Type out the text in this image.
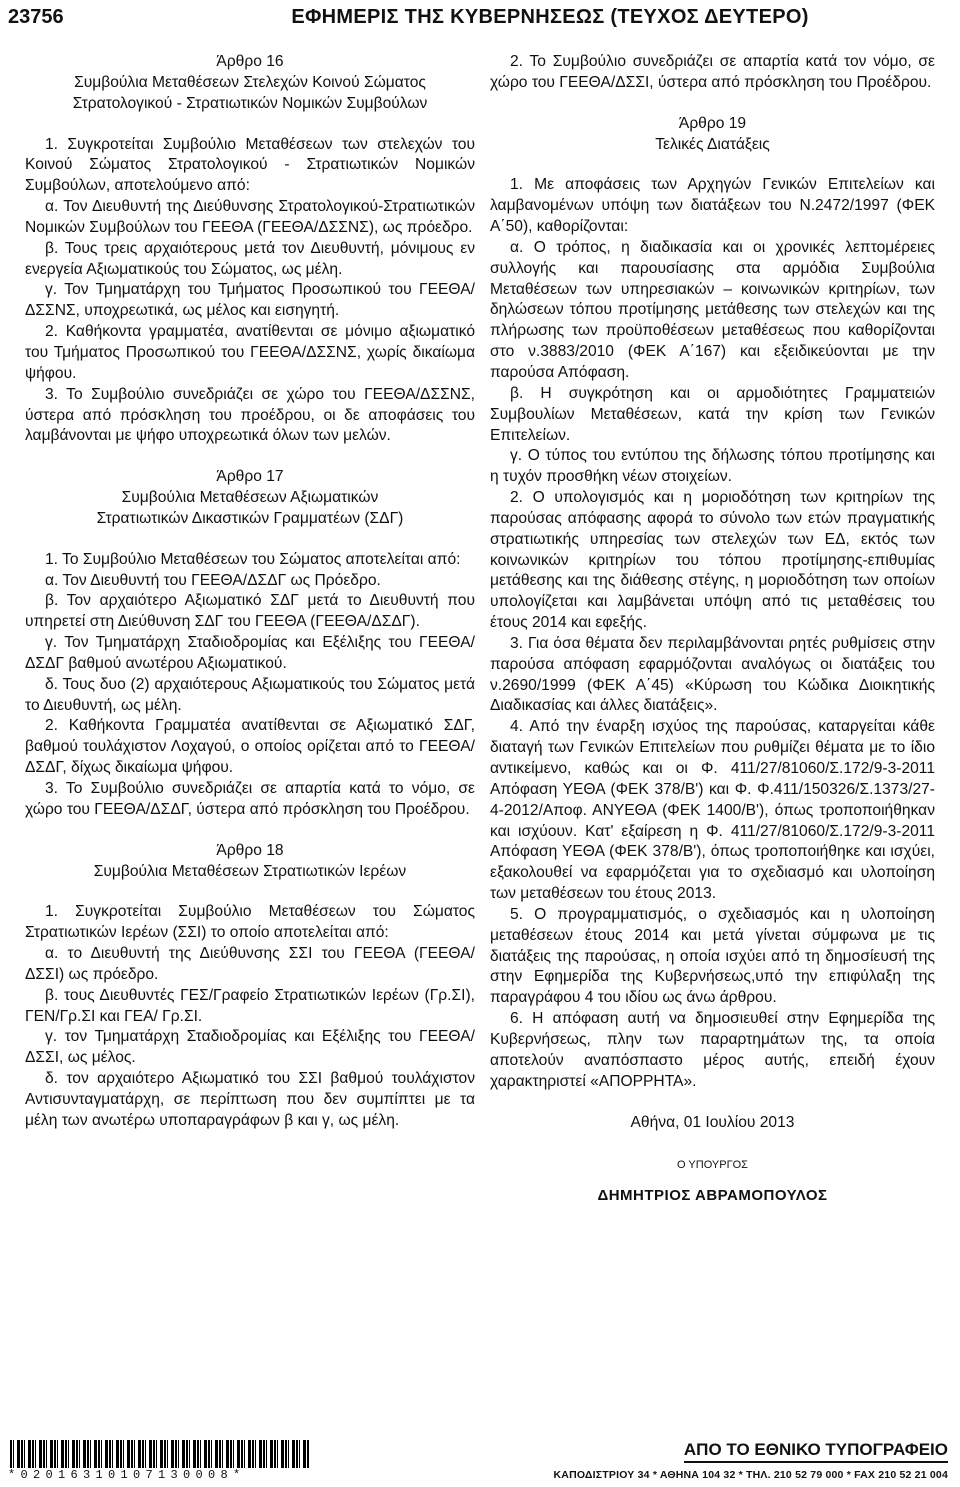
23756	ΕΦΗΜΕΡΙΣ ΤΗΣ ΚΥΒΕΡΝΗΣΕΩΣ (ΤΕΥΧΟΣ ΔΕΥΤΕΡΟ)
Άρθρο 16
Συμβούλια Μεταθέσεων Στελεχών Κοινού Σώματος
Στρατολογικού - Στρατιωτικών Νομικών Συμβούλων

1. Συγκροτείται Συμβούλιο Μεταθέσεων των στελεχών του Κοινού Σώματος Στρατολογικού - Στρατιωτικών Νομικών Συμβούλων, αποτελούμενο από:

α. Τον Διευθυντή της Διεύθυνσης Στρατολογικού-Στρατιωτικών Νομικών Συμβούλων του ΓΕΕΘΑ (ΓΕΕΘΑ/ΔΣΣΝΣ), ως πρόεδρο.

β. Τους τρεις αρχαιότερους μετά τον Διευθυντή, μόνιμους εν ενεργεία Αξιωματικούς του Σώματος, ως μέλη.

γ. Τον Τμηματάρχη του Τμήματος Προσωπικού του ΓΕΕΘΑ/ΔΣΣΝΣ, υποχρεωτικά, ως μέλος και εισηγητή.

2. Καθήκοντα γραμματέα, ανατίθενται σε μόνιμο αξιωματικό του Τμήματος Προσωπικού του ΓΕΕΘΑ/ΔΣΣΝΣ, χωρίς δικαίωμα ψήφου.

3. Το Συμβούλιο συνεδριάζει σε χώρο του ΓΕΕΘΑ/ΔΣΣΝΣ, ύστερα από πρόσκληση του προέδρου, οι δε αποφάσεις του λαμβάνονται με ψήφο υποχρεωτικά όλων των μελών.

Άρθρο 17
Συμβούλια Μεταθέσεων Αξιωματικών
Στρατιωτικών Δικαστικών Γραμματέων (ΣΔΓ)

1. Το Συμβούλιο Μεταθέσεων του Σώματος αποτελείται από:

α. Τον Διευθυντή του ΓΕΕΘΑ/ΔΣΔΓ ως Πρόεδρο.

β. Τον αρχαιότερο Αξιωματικό ΣΔΓ μετά το Διευθυντή που υπηρετεί στη Διεύθυνση ΣΔΓ του ΓΕΕΘΑ (ΓΕΕΘΑ/ΔΣΔΓ).

γ. Τον Τμηματάρχη Σταδιοδρομίας και Εξέλιξης του ΓΕΕΘΑ/ ΔΣΔΓ βαθμού ανωτέρου Αξιωματικού.

δ. Τους δυο (2) αρχαιότερους Αξιωματικούς του Σώματος μετά το Διευθυντή, ως μέλη.

2. Καθήκοντα Γραμματέα ανατίθενται σε Αξιωματικό ΣΔΓ, βαθμού τουλάχιστον Λοχαγού, ο οποίος ορίζεται από το ΓΕΕΘΑ/ΔΣΔΓ, δίχως δικαίωμα ψήφου.

3. Το Συμβούλιο συνεδριάζει σε απαρτία κατά το νόμο, σε χώρο του ΓΕΕΘΑ/ΔΣΔΓ, ύστερα από πρόσκληση του Προέδρου.

Άρθρο 18
Συμβούλια Μεταθέσεων Στρατιωτικών Ιερέων

1. Συγκροτείται Συμβούλιο Μεταθέσεων του Σώματος Στρατιωτικών Ιερέων (ΣΣΙ) το οποίο αποτελείται από:

α. το Διευθυντή της Διεύθυνσης ΣΣΙ του ΓΕΕΘΑ (ΓΕΕΘΑ/ΔΣΣΙ) ως πρόεδρο.

β. τους Διευθυντές ΓΕΣ/Γραφείο Στρατιωτικών Ιερέων (Γρ.ΣΙ), ΓΕΝ/Γρ.ΣΙ και ΓΕΑ/ Γρ.ΣΙ.

γ. τον Τμηματάρχη Σταδιοδρομίας και Εξέλιξης του ΓΕΕΘΑ/ΔΣΣΙ, ως μέλος.

δ. τον αρχαιότερο Αξιωματικό του ΣΣΙ βαθμού τουλάχιστον Αντισυνταγματάρχη, σε περίπτωση που δεν συμπίπτει με τα μέλη των ανωτέρω υποπαραγράφων β και γ, ως μέλη.

2. Το Συμβούλιο συνεδριάζει σε απαρτία κατά τον νόμο, σε χώρο του ΓΕΕΘΑ/ΔΣΣΙ, ύστερα από πρόσκληση του Προέδρου.

Άρθρο 19
Τελικές Διατάξεις

1. Με αποφάσεις των Αρχηγών Γενικών Επιτελείων και λαμβανομένων υπόψη των διατάξεων του Ν.2472/1997 (ΦΕΚ Α΄50), καθορίζονται:

α. Ο τρόπος, η διαδικασία και οι χρονικές λεπτομέρειες συλλογής και παρουσίασης στα αρμόδια Συμβούλια Μεταθέσεων των υπηρεσιακών – κοινωνικών κριτηρίων, των δηλώσεων τόπου προτίμησης μετάθεσης των στελεχών και της πλήρωσης των προϋποθέσεων μεταθέσεως που καθορίζονται στο ν.3883/2010 (ΦΕΚ Α΄167) και εξειδικεύονται με την παρούσα Απόφαση.

β. Η συγκρότηση και οι αρμοδιότητες Γραμματειών Συμβουλίων Μεταθέσεων, κατά την κρίση των Γενικών Επιτελείων.

γ. Ο τύπος του εντύπου της δήλωσης τόπου προτίμησης και η τυχόν προσθήκη νέων στοιχείων.

2. Ο υπολογισμός και η μοριοδότηση των κριτηρίων της παρούσας απόφασης αφορά το σύνολο των ετών πραγματικής στρατιωτικής υπηρεσίας των στελεχών των ΕΔ, εκτός των κοινωνικών κριτηρίων του τόπου προτίμησης-επιθυμίας μετάθεσης και της διάθεσης στέγης, η μοριοδότηση των οποίων υπολογίζεται και λαμβάνεται υπόψη από τις μεταθέσεις του έτους 2014 και εφεξής.

3. Για όσα θέματα δεν περιλαμβάνονται ρητές ρυθμίσεις στην παρούσα απόφαση εφαρμόζονται αναλόγως οι διατάξεις του ν.2690/1999 (ΦΕΚ Α΄45) «Κύρωση του Κώδικα Διοικητικής Διαδικασίας και άλλες διατάξεις».

4. Από την έναρξη ισχύος της παρούσας, καταργείται κάθε διαταγή των Γενικών Επιτελείων που ρυθμίζει θέματα με το ίδιο αντικείμενο, καθώς και οι Φ. 411/27/81060/Σ.172/9-3-2011 Απόφαση ΥΕΘΑ (ΦΕΚ 378/Β') και Φ. Φ.411/150326/Σ.1373/27-4-2012/Αποφ. ΑΝΥΕΘΑ (ΦΕΚ 1400/Β'), όπως τροποποιήθηκαν και ισχύουν. Κατ' εξαίρεση η Φ. 411/27/81060/Σ.172/9-3-2011 Απόφαση ΥΕΘΑ (ΦΕΚ 378/Β'), όπως τροποποιήθηκε και ισχύει, εξακολουθεί να εφαρμόζεται για το σχεδιασμό και υλοποίηση των μεταθέσεων του έτους 2013.

5. Ο προγραμματισμός, ο σχεδιασμός και η υλοποίηση μεταθέσεων έτους 2014 και μετά γίνεται σύμφωνα με τις διατάξεις της παρούσας, η οποία ισχύει από τη δημοσίευσή της στην Εφημερίδα της Κυβερνήσεως,υπό την επιφύλαξη της παραγράφου 4 του ιδίου ως άνω άρθρου.

6. Η απόφαση αυτή να δημοσιευθεί στην Εφημερίδα της Κυβερνήσεως, πλην των παραρτημάτων της, τα οποία αποτελούν αναπόσπαστο μέρος αυτής, επειδή έχουν χαρακτηριστεί «ΑΠΟΡΡΗΤΑ».

Αθήνα, 01 Ιουλίου 2013
Ο ΥΠΟΥΡΓΟΣ
ΔΗΜΗΤΡΙΟΣ ΑΒΡΑΜΟΠΟΥΛΟΣ
*02016310107130008*
ΑΠΟ ΤΟ ΕΘΝΙΚΟ ΤΥΠΟΓΡΑΦΕΙΟ
ΚΑΠΟΔΙΣΤΡΙΟΥ 34 * ΑΘΗΝΑ 104 32 * ΤΗΛ. 210 52 79 000 * FAX 210 52 21 004
